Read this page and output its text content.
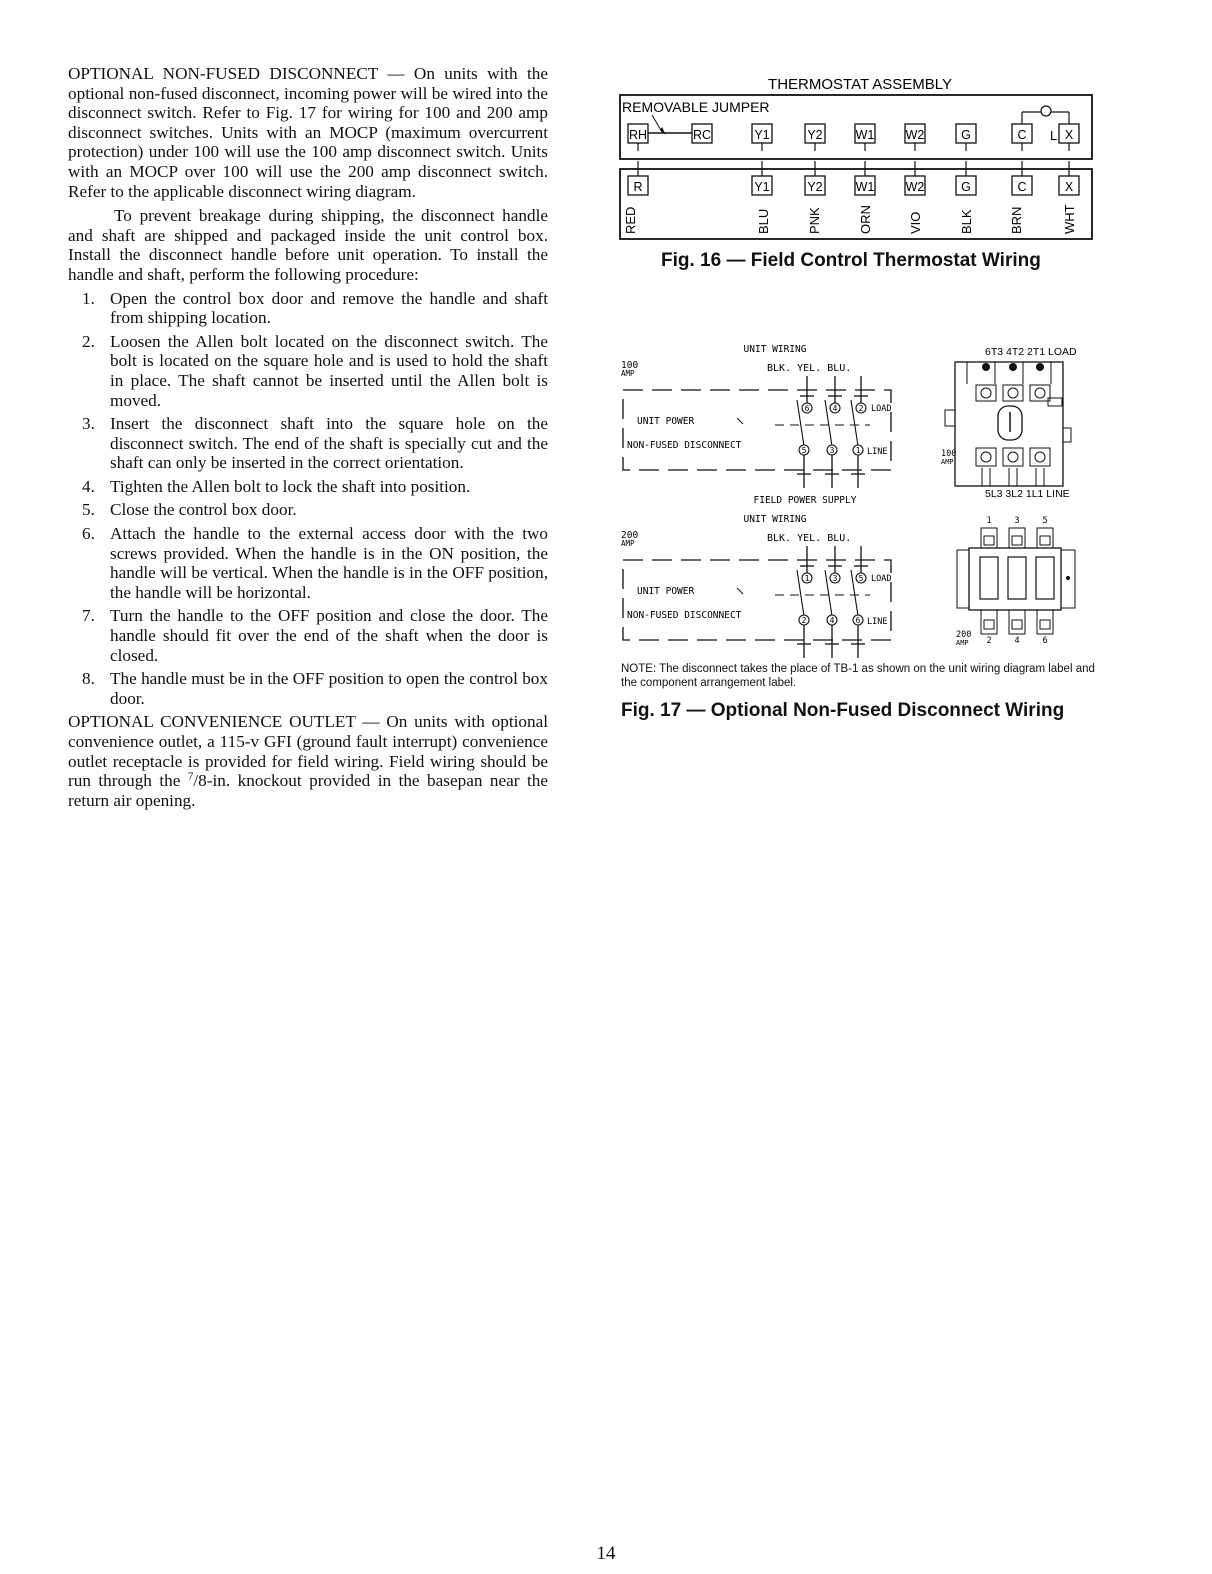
OPTIONAL NON-FUSED DISCONNECT — On units with the optional non-fused disconnect, incoming power will be wired into the disconnect switch. Refer to Fig. 17 for wiring for 100 and 200 amp disconnect switches. Units with an MOCP (maximum overcurrent protection) under 100 will use the 100 amp disconnect switch. Units with an MOCP over 100 will use the 200 amp disconnect switch. Refer to the applicable disconnect wiring diagram.

To prevent breakage during shipping, the disconnect handle and shaft are shipped and packaged inside the unit control box. Install the disconnect handle before unit operation. To install the handle and shaft, perform the following procedure:

1. Open the control box door and remove the handle and shaft from shipping location.
2. Loosen the Allen bolt located on the disconnect switch. The bolt is located on the square hole and is used to hold the shaft in place. The shaft cannot be inserted until the Allen bolt is moved.
3. Insert the disconnect shaft into the square hole on the disconnect switch. The end of the shaft is specially cut and the shaft can only be inserted in the correct orientation.
4. Tighten the Allen bolt to lock the shaft into position.
5. Close the control box door.
6. Attach the handle to the external access door with the two screws provided. When the handle is in the ON position, the handle will be vertical. When the handle is in the OFF position, the handle will be horizontal.
7. Turn the handle to the OFF position and close the door. The handle should fit over the end of the shaft when the door is closed.
8. The handle must be in the OFF position to open the control box door.

OPTIONAL CONVENIENCE OUTLET — On units with optional convenience outlet, a 115-v GFI (ground fault interrupt) convenience outlet receptacle is provided for field wiring. Field wiring should be run through the $^7$/8-in. knockout provided in the basepan near the return air opening.

THERMOSTAT ASSEMBLY
REMOVABLE JUMPER
RH	RC	Y1	Y2	W1	W2	G	C	X
L
R	Y1	Y2	W1	W2	G	C	X
RED	BLU	PNK	ORN	VIO	BLK	BRN	WHT
Fig. 16 — Field Control Thermostat Wiring
UNIT WIRING
100
AMP	BLK. YEL. BLU.
UNIT POWER
NON-FUSED DISCONNECT
6
5
4
3
2
1
LOAD
LINE
FIELD POWER SUPPLY
UNIT WIRING
200
AMP	BLK. YEL. BLU.
UNIT POWER
NON-FUSED DISCONNECT
1
2
3
4
5
6
LOAD
LINE
6T3 4T2 2T1 LOAD
5L3 3L2 1L1 LINE
100
AMP
1	3	5
2	4	6
200
AMP
NOTE: The disconnect takes the place of TB-1 as shown on the unit wiring diagram label and the component arrangement label.
Fig. 17 — Optional Non-Fused Disconnect Wiring
14
